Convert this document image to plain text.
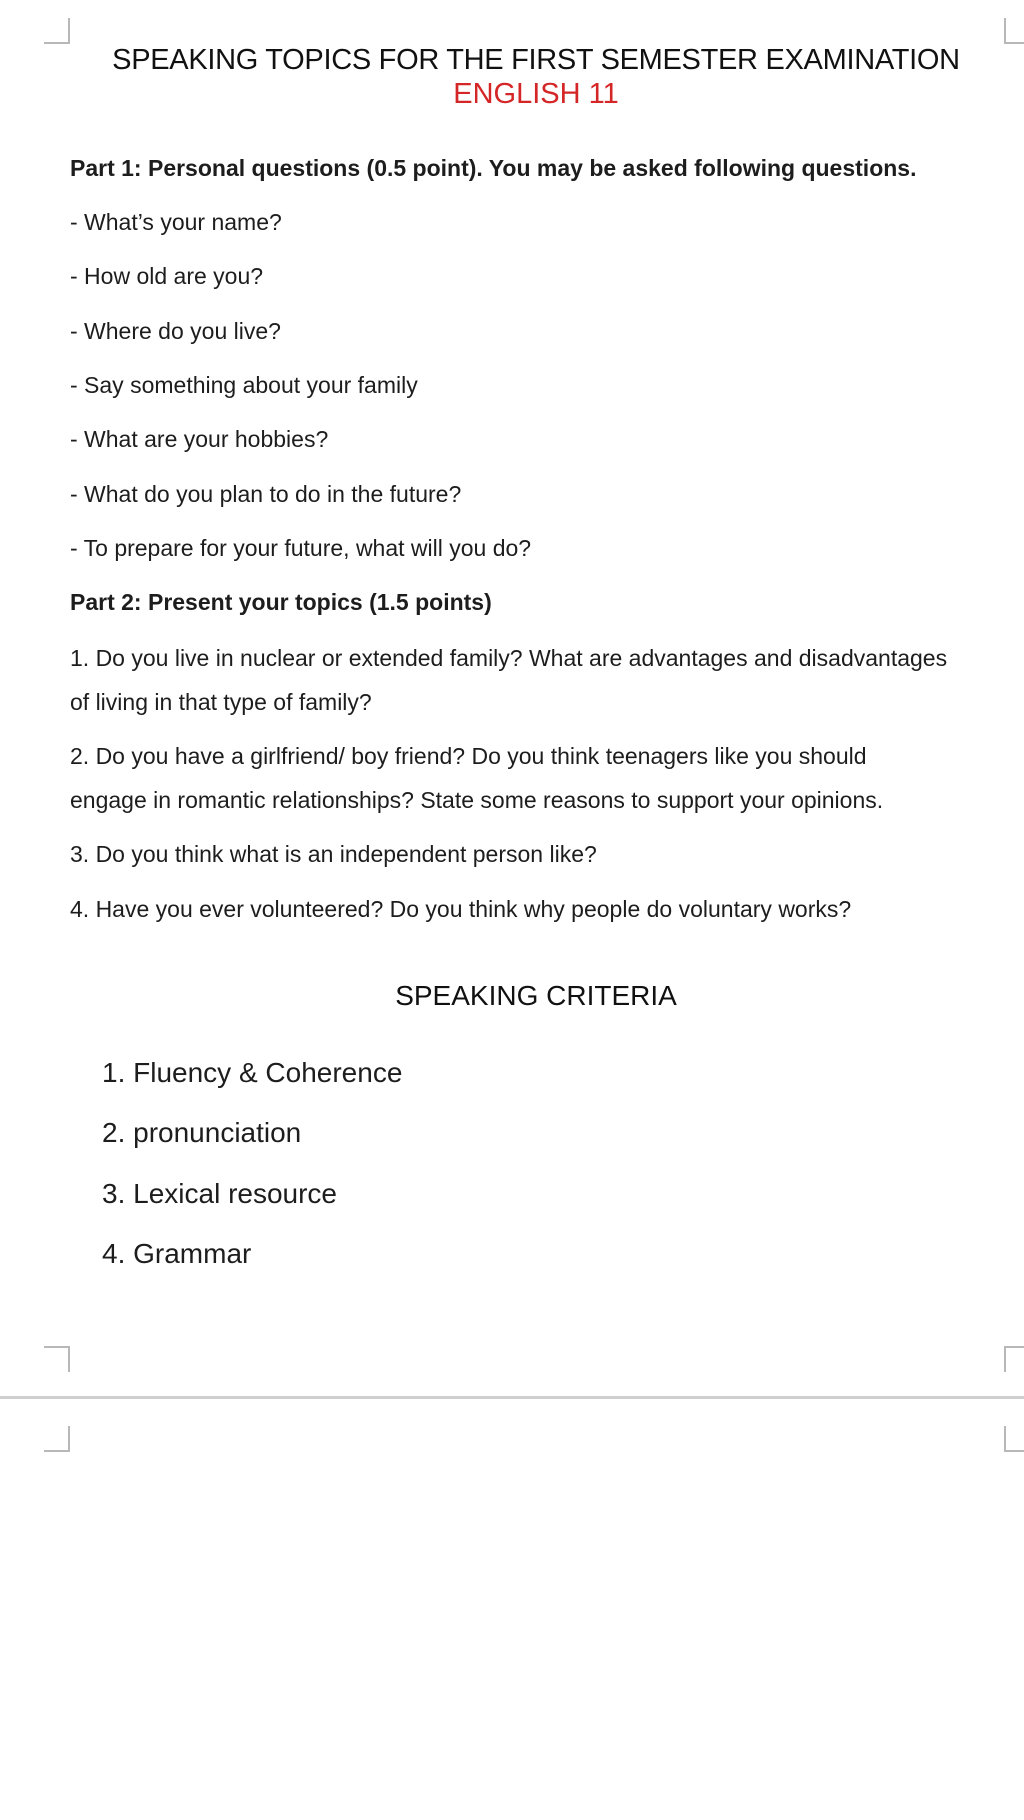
SPEAKING TOPICS FOR THE FIRST SEMESTER EXAMINATION
ENGLISH 11
Part 1: Personal questions (0.5 point). You may be asked following questions.
- What’s your name?
- How old are you?
- Where do you live?
- Say something about your family
- What are your hobbies?
- What do you plan to do in the future?
- To prepare for your future, what will you do?
Part 2: Present your topics (1.5 points)
1. Do you live in nuclear or extended family? What are advantages and disadvantages
of living in that type of family?
2. Do you have a girlfriend/ boy friend? Do you think teenagers like you should
engage in romantic relationships? State some reasons to support your opinions.
3. Do you think what is an independent person like?
4. Have you ever volunteered? Do you think why people do voluntary works?
SPEAKING CRITERIA
1. Fluency & Coherence
2. pronunciation
3. Lexical resource
4. Grammar
